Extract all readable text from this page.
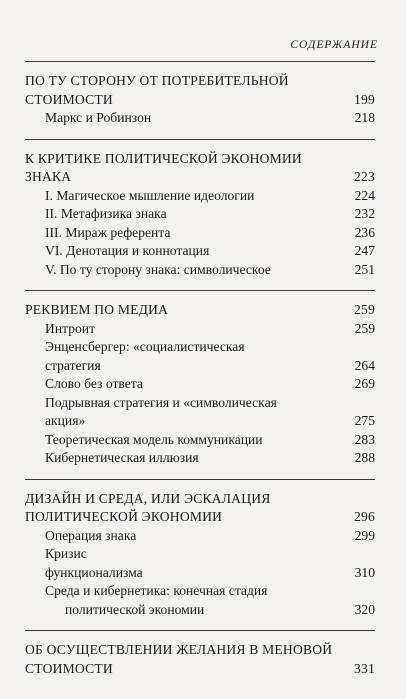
СОДЕРЖАНИЕ
ПО ТУ СТОРОНУ ОТ ПОТРЕБИТЕЛЬНОЙ
СТОИМОСТИ	199
Маркс и Робинзон	218
К КРИТИКЕ ПОЛИТИЧЕСКОЙ ЭКОНОМИИ
ЗНАКА	223
I. Магическое мышление идеологии	224
II. Метафизика знака	232
III. Мираж референта	236
VI. Денотация и коннотация	247
V. По ту сторону знака: символическое	251
РЕКВИЕМ ПО МЕДИА	259
Интроит	259
Энценсбергер: «социалистическая
стратегия	264
Слово без ответа	269
Подрывная стратегия и «символическая
акция»	275
Теоретическая модель коммуникации	283
Кибернетическая иллюзия	288
ДИЗАЙН И СРЕДА, ИЛИ ЭСКАЛАЦИЯ
ПОЛИТИЧЕСКОЙ ЭКОНОМИИ	296
Операция знака	299
Кризис
функционализма	310
Среда и кибернетика: конечная стадия
политической экономии	320
ОБ ОСУЩЕСТВЛЕНИИ ЖЕЛАНИЯ В МЕНОВОЙ
СТОИМОСТИ	331
